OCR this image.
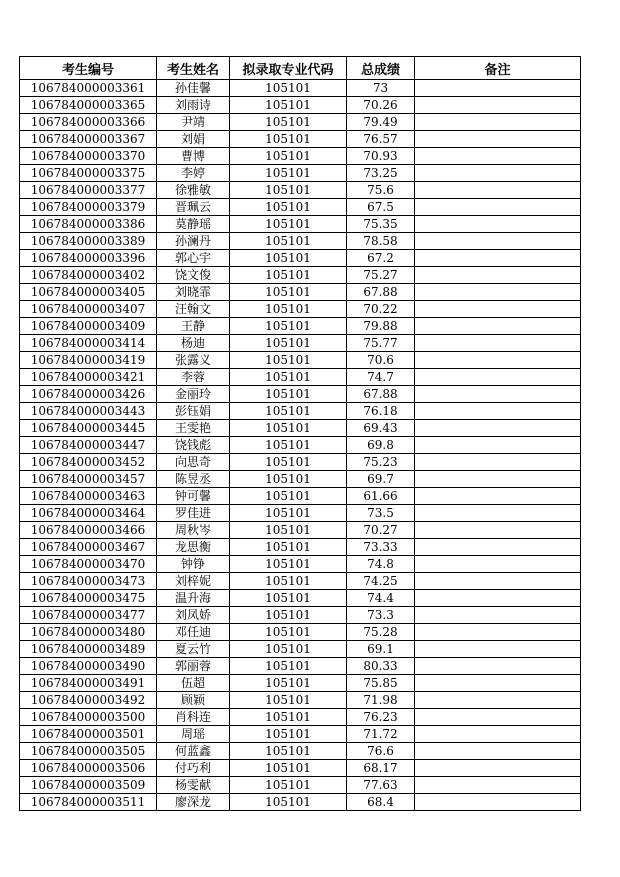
考生编号	考生姓名	拟录取专业代码	总成绩	备注
106784000003361	孙佳馨	105101	73	
106784000003365	刘雨诗	105101	70.26	
106784000003366	尹靖	105101	79.49	
106784000003367	刘娟	105101	76.57	
106784000003370	曹博	105101	70.93	
106784000003375	李婷	105101	73.25	
106784000003377	徐雅敏	105101	75.6	
106784000003379	晋珮云	105101	67.5	
106784000003386	莫静瑶	105101	75.35	
106784000003389	孙澜丹	105101	78.58	
106784000003396	郭心宇	105101	67.2	
106784000003402	饶文俊	105101	75.27	
106784000003405	刘晓霏	105101	67.88	
106784000003407	汪翰文	105101	70.22	
106784000003409	王静	105101	79.88	
106784000003414	杨迪	105101	75.77	
106784000003419	张露义	105101	70.6	
106784000003421	李蓉	105101	74.7	
106784000003426	金丽玲	105101	67.88	
106784000003443	彭钰娟	105101	76.18	
106784000003445	王雯艳	105101	69.43	
106784000003447	饶钱彪	105101	69.8	
106784000003452	向思奇	105101	75.23	
106784000003457	陈昱丞	105101	69.7	
106784000003463	钟可馨	105101	61.66	
106784000003464	罗佳进	105101	73.5	
106784000003466	周秋岑	105101	70.27	
106784000003467	龙思衡	105101	73.33	
106784000003470	钟铮	105101	74.8	
106784000003473	刘梓妮	105101	74.25	
106784000003475	温升海	105101	74.4	
106784000003477	刘凤娇	105101	73.3	
106784000003480	邓任迪	105101	75.28	
106784000003489	夏云竹	105101	69.1	
106784000003490	郭丽蓉	105101	80.33	
106784000003491	伍超	105101	75.85	
106784000003492	顾颖	105101	71.98	
106784000003500	肖科连	105101	76.23	
106784000003501	周瑶	105101	71.72	
106784000003505	何蓝鑫	105101	76.6	
106784000003506	付巧利	105101	68.17	
106784000003509	杨雯献	105101	77.63	
106784000003511	廖深龙	105101	68.4	
